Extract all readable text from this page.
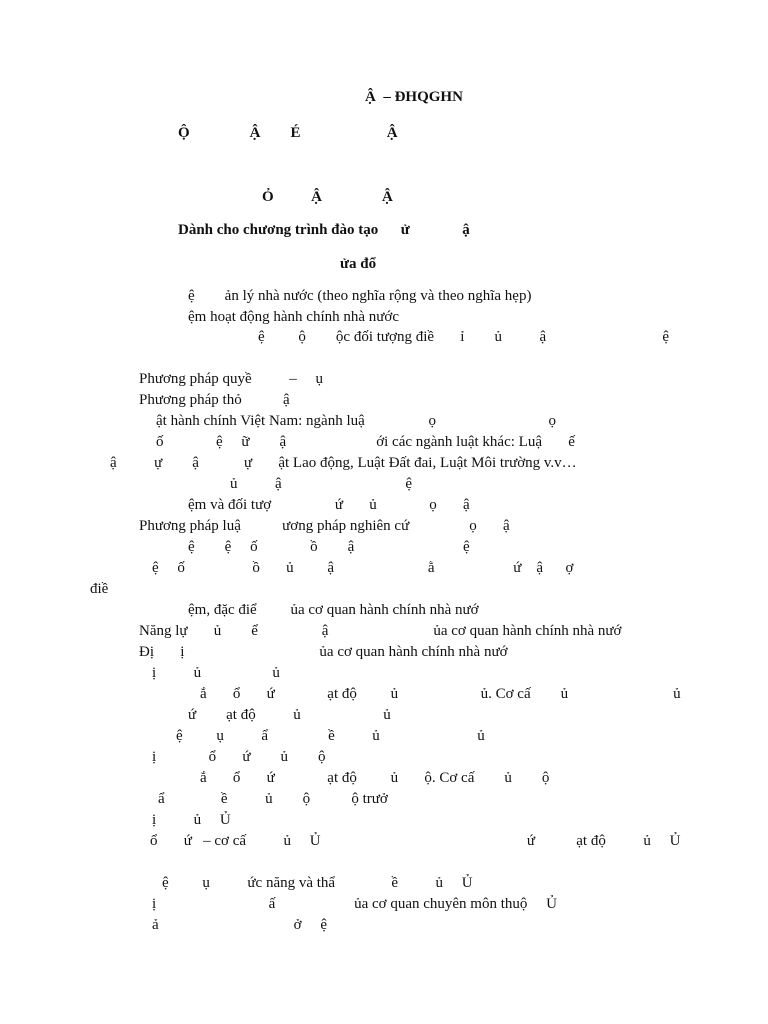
Ậ  – ĐHQGHN
Ộ                Ậ        É                       Ậ
Ỏ          Ậ                Ậ
Dành cho chương trình đào tạo      ử              ậ
ửa đổ
ệ        ản lý nhà nước (theo nghĩa rộng và theo nghĩa hẹp)
ệm hoạt động hành chính nhà nước
ệ         ộ        ộc đối tượng điề       ỉ        ủ          ậ                               ệ
Phương pháp quyề          –     ụ
Phương pháp thỏ           ậ
ật hành chính Việt Nam: ngành luậ                 ọ                              ọ
ố              ệ     ữ        ậ                        ới các ngành luật khác: Luậ       ế
ậ          ự        ậ            ự       ật Lao động, Luật Đất đai, Luật Môi trường v.v…
ủ          ậ                                 ệ
ệm và đối tượ                 ứ       ủ              ọ       ậ
Phương pháp luậ           ương pháp nghiên cứ                ọ       ậ
ệ        ệ     ố              ồ        ậ                             ệ
ệ     ố                  ồ       ủ         ậ                         ằ                     ứ    ậ      ợ
điề
ệm, đặc điể         ủa cơ quan hành chính nhà nướ
Năng lự       ủ        ể                 ậ                            ủa cơ quan hành chính nhà nướ
Đị       ị                                    ủa cơ quan hành chính nhà nướ
ị          ủ                   ủ
ắ       ổ       ứ              ạt độ         ủ                      ủ. Cơ cấ        ủ                            ủ
ứ        ạt độ          ủ                      ủ
ệ         ụ          ẩ                ề          ủ                          ủ
ị              ổ       ứ        ủ        ộ
ắ       ổ       ứ              ạt độ         ủ       ộ. Cơ cấ        ủ        ộ
ẩ               ề          ủ        ộ           ộ trưở
ị          ủ     Ủ
ổ       ứ   – cơ cấ          ủ     Ủ                                                       ứ           ạt độ          ủ     Ủ
ệ         ụ          ức năng và thẩ               ề          ủ     Ủ
ị                              ấ                     ủa cơ quan chuyên môn thuộ     Ủ
ả                                    ở     ệ
